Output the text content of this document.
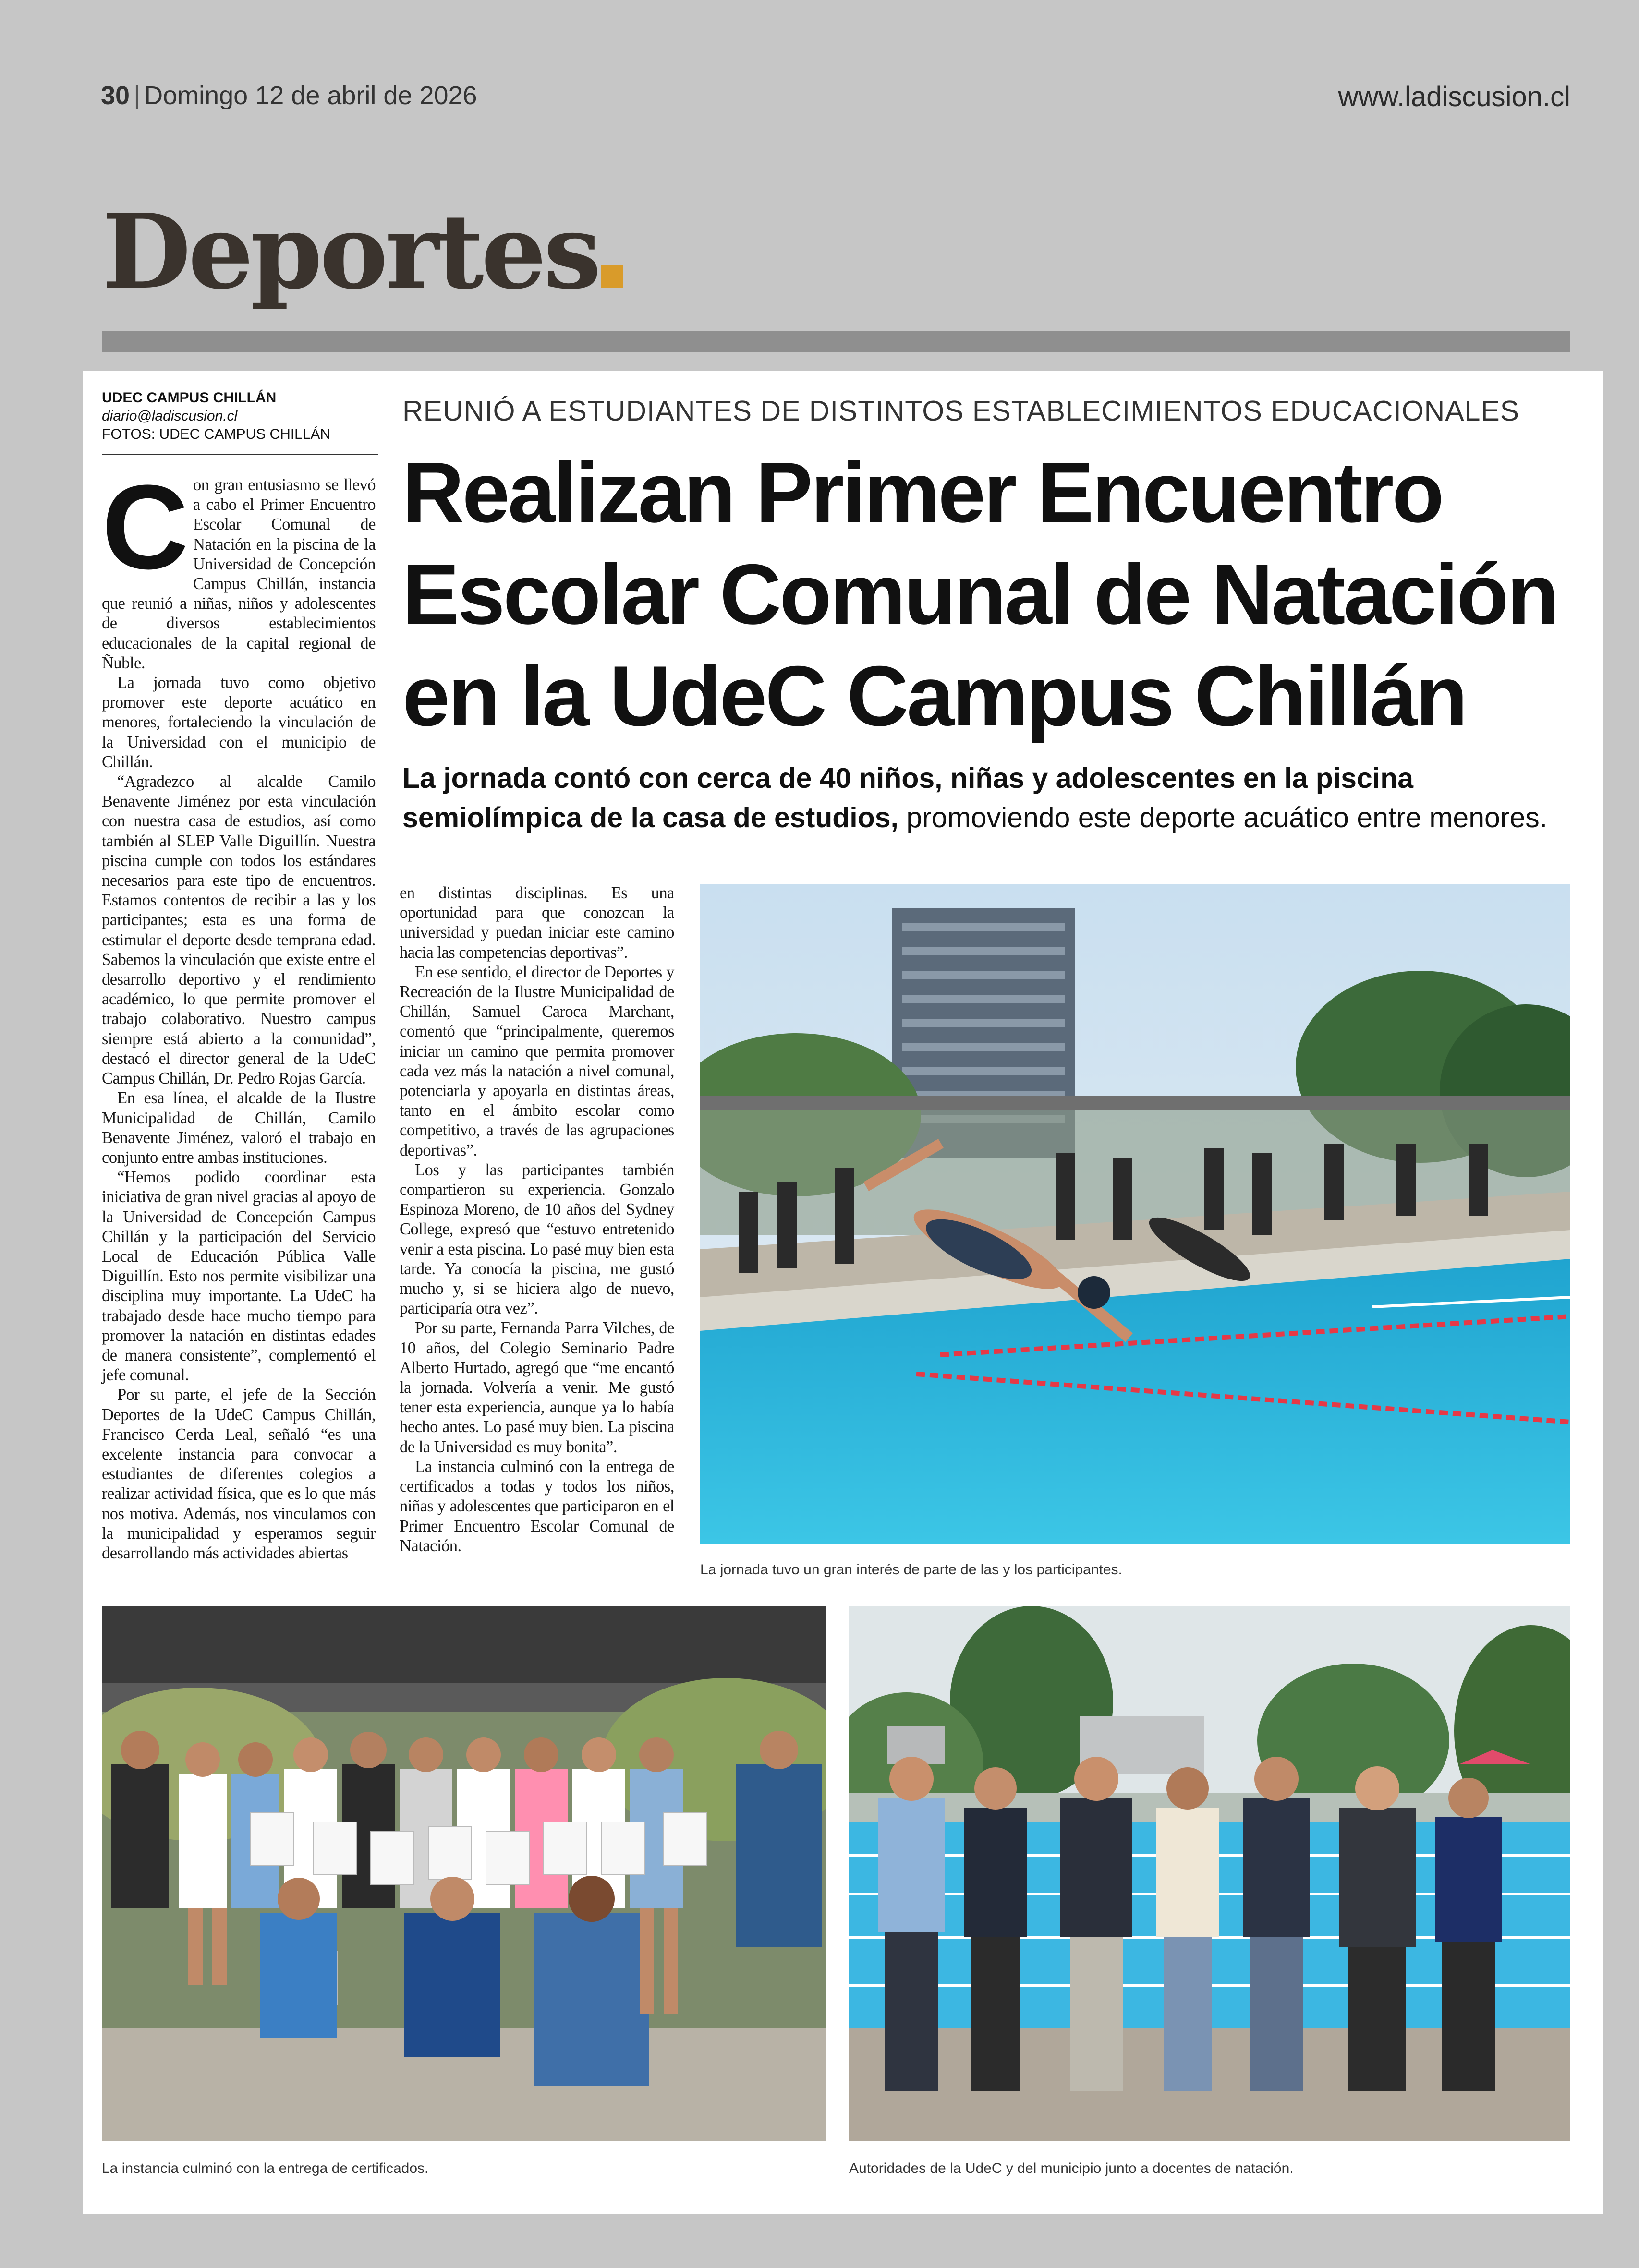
30 | Domingo 12 de abril de 2026	www.ladiscusion.cl
Deportes
UDEC CAMPUS CHILLÁN
diario@ladiscusion.cl
FOTOS: UDEC CAMPUS CHILLÁN
REUNIÓ A ESTUDIANTES DE DISTINTOS ESTABLECIMIENTOS EDUCACIONALES
Realizan Primer Encuentro
Escolar Comunal de Natación
en la UdeC Campus Chillán
La jornada contó con cerca de 40 niños, niñas y adolescentes en la piscina semiolímpica de la casa de estudios, promoviendo este deporte acuático entre menores.

Con gran entusiasmo se llevó a cabo el Primer Encuentro Escolar Comunal de Natación en la piscina de la Universidad de Concepción Campus Chillán, instancia que reunió a niñas, niños y adolescentes de diversos establecimientos educacionales de la capital regional de Ñuble.

La jornada tuvo como objetivo promover este deporte acuático en menores, fortaleciendo la vinculación de la Universidad con el municipio de Chillán.

“Agradezco al alcalde Camilo Benavente Jiménez por esta vinculación con nuestra casa de estudios, así como también al SLEP Valle Diguillín. Nuestra piscina cumple con todos los estándares necesarios para este tipo de encuentros. Estamos contentos de recibir a las y los participantes; esta es una forma de estimular el deporte desde temprana edad. Sabemos la vinculación que existe entre el desarrollo deportivo y el rendimiento académico, lo que permite promover el trabajo colaborativo. Nuestro campus siempre está abierto a la comunidad”, destacó el director general de la UdeC Campus Chillán, Dr. Pedro Rojas García.

En esa línea, el alcalde de la Ilustre Municipalidad de Chillán, Camilo Benavente Jiménez, valoró el trabajo en conjunto entre ambas instituciones.

“Hemos podido coordinar esta iniciativa de gran nivel gracias al apoyo de la Universidad de Concepción Campus Chillán y la participación del Servicio Local de Educación Pública Valle Diguillín. Esto nos permite visibilizar una disciplina muy importante. La UdeC ha trabajado desde hace mucho tiempo para promover la natación en distintas edades de manera consistente”, complementó el jefe comunal.

Por su parte, el jefe de la Sección Deportes de la UdeC Campus Chillán, Francisco Cerda Leal, señaló “es una excelente instancia para convocar a estudiantes de diferentes colegios a realizar actividad física, que es lo que más nos motiva. Además, nos vinculamos con la municipalidad y esperamos seguir desarrollando más actividades abiertas

en distintas disciplinas. Es una oportunidad para que conozcan la universidad y puedan iniciar este camino hacia las competencias deportivas”.

En ese sentido, el director de Deportes y Recreación de la Ilustre Municipalidad de Chillán, Samuel Caroca Marchant, comentó que “principalmente, queremos iniciar un camino que permita promover cada vez más la natación a nivel comunal, potenciarla y apoyarla en distintas áreas, tanto en el ámbito escolar como competitivo, a través de las agrupaciones deportivas”.

Los y las participantes también compartieron su experiencia. Gonzalo Espinoza Moreno, de 10 años del Sydney College, expresó que “estuvo entretenido venir a esta piscina. Lo pasé muy bien esta tarde. Ya conocía la piscina, me gustó mucho y, si se hiciera algo de nuevo, participaría otra vez”.

Por su parte, Fernanda Parra Vilches, de 10 años, del Colegio Seminario Padre Alberto Hurtado, agregó que “me encantó la jornada. Volvería a venir. Me gustó tener esta experiencia, aunque ya lo había hecho antes. Lo pasé muy bien. La piscina de la Universidad es muy bonita”.

La instancia culminó con la entrega de certificados a todas y todos los niños, niñas y adolescentes que participaron en el Primer Encuentro Escolar Comunal de Natación.

La jornada tuvo un gran interés de parte de las y los participantes.
La instancia culminó con la entrega de certificados.	Autoridades de la UdeC y del municipio junto a docentes de natación.
